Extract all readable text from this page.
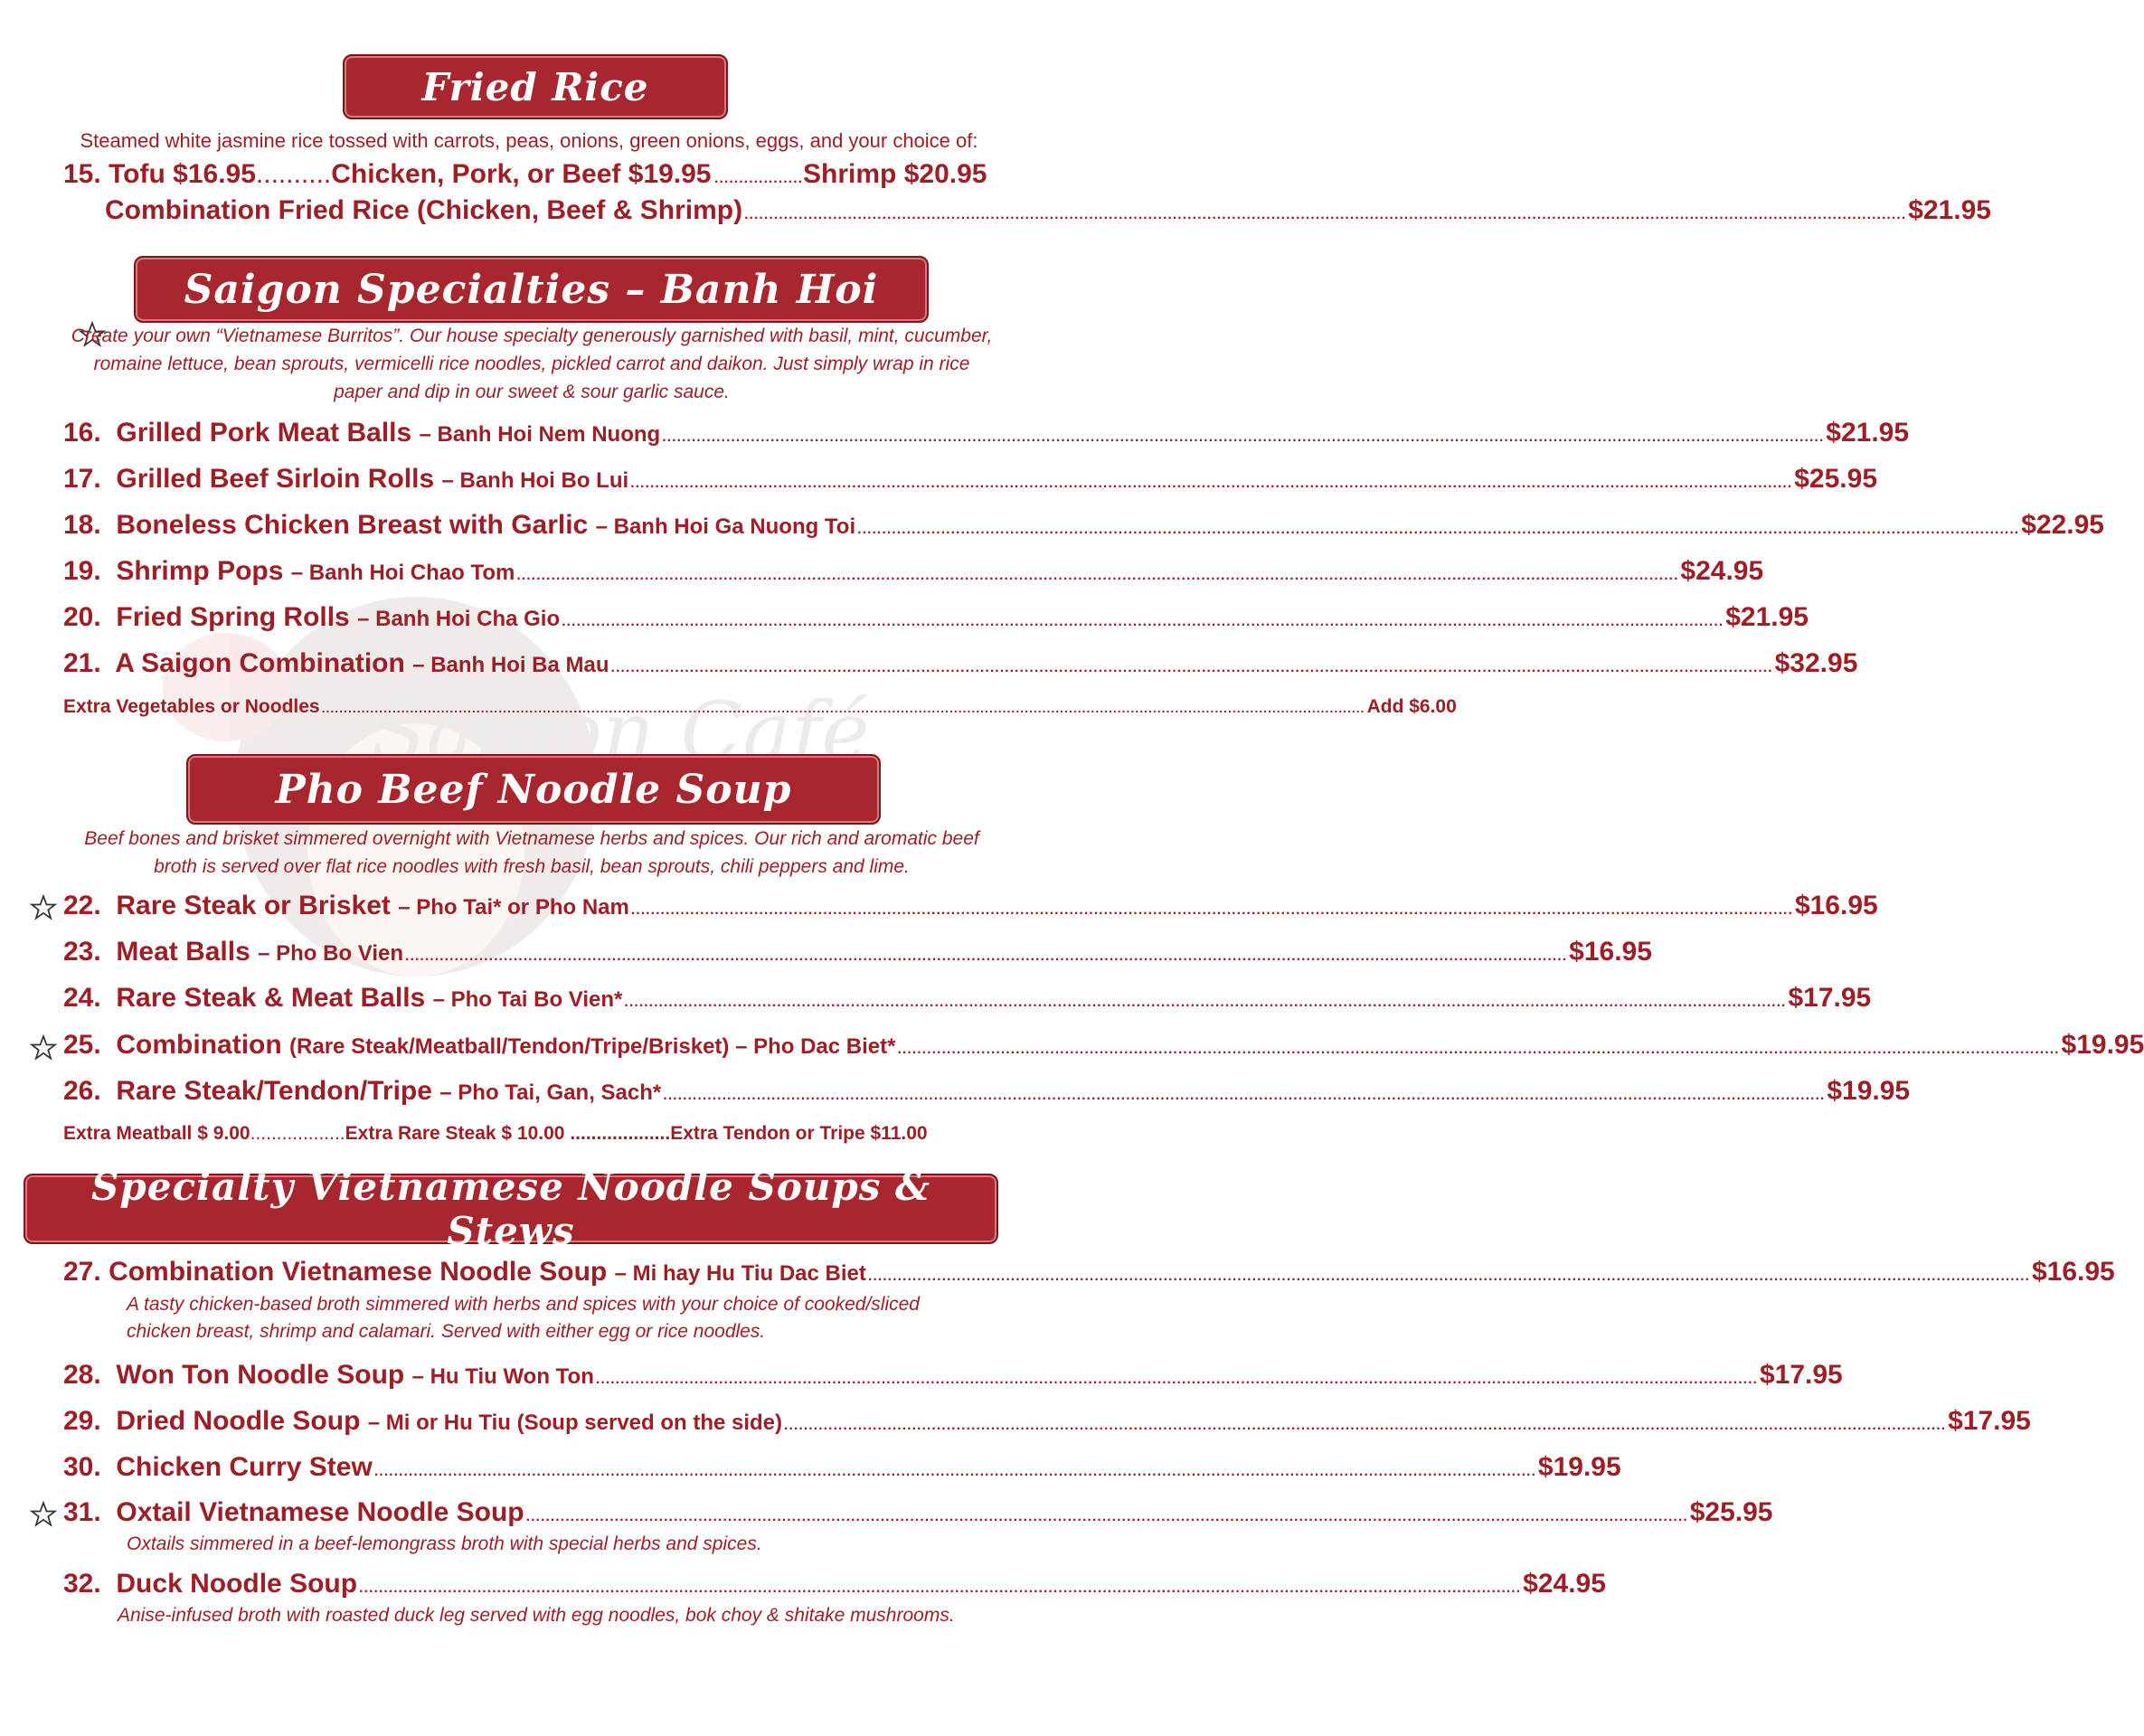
Saigon Café
Fried Rice
Steamed white jasmine rice tossed with carrots, peas, onions, green onions, eggs, and your choice of:
15. Tofu $16.95..........Chicken, Pork, or Beef $19.95 ..................Shrimp $20.95
Combination Fried Rice (Chicken, Beef & Shrimp) .....	$21.95
Saigon Specialties – Banh Hoi
Create your own “Vietnamese Burritos”. Our house specialty generously garnished with basil, mint, cucumber, romaine lettuce, bean sprouts, vermicelli rice noodles, pickled carrot and daikon. Just simply wrap in rice paper and dip in our sweet & sour garlic sauce.
16. Grilled Pork Meat Balls – Banh Hoi Nem Nuong .....	$21.95
17. Grilled Beef Sirloin Rolls – Banh Hoi Bo Lui .....	$25.95
18. Boneless Chicken Breast with Garlic – Banh Hoi Ga Nuong Toi .....	$22.95
19. Shrimp Pops – Banh Hoi Chao Tom .....	$24.95
20. Fried Spring Rolls – Banh Hoi Cha Gio .....	$21.95
21. A Saigon Combination – Banh Hoi Ba Mau .....	$32.95
Extra Vegetables or Noodles .....	Add $6.00
Pho Beef Noodle Soup
Beef bones and brisket simmered overnight with Vietnamese herbs and spices. Our rich and aromatic beef broth is served over flat rice noodles with fresh basil, bean sprouts, chili peppers and lime.
22. Rare Steak or Brisket – Pho Tai* or Pho Nam .....	$16.95
23. Meat Balls – Pho Bo Vien .....	$16.95
24. Rare Steak & Meat Balls – Pho Tai Bo Vien* .....	$17.95
25. Combination (Rare Steak/Meatball/Tendon/Tripe/Brisket) – Pho Dac Biet* .....	$19.95
26. Rare Steak/Tendon/Tripe – Pho Tai, Gan, Sach* .....	$19.95
Extra Meatball $ 9.00..................Extra Rare Steak $ 10.00 ...................Extra Tendon or Tripe $11.00
Specialty Vietnamese Noodle Soups & Stews
27. Combination Vietnamese Noodle Soup – Mi hay Hu Tiu Dac Biet .....	$16.95
A tasty chicken-based broth simmered with herbs and spices with your choice of cooked/sliced chicken breast, shrimp and calamari. Served with either egg or rice noodles.
28. Won Ton Noodle Soup – Hu Tiu Won Ton .....	$17.95
29. Dried Noodle Soup – Mi or Hu Tiu (Soup served on the side) .....	$17.95
30. Chicken Curry Stew .....	$19.95
31. Oxtail Vietnamese Noodle Soup .....	$25.95
Oxtails simmered in a beef-lemongrass broth with special herbs and spices.
32. Duck Noodle Soup .....	$24.95
Anise-infused broth with roasted duck leg served with egg noodles, bok choy & shitake mushrooms.
